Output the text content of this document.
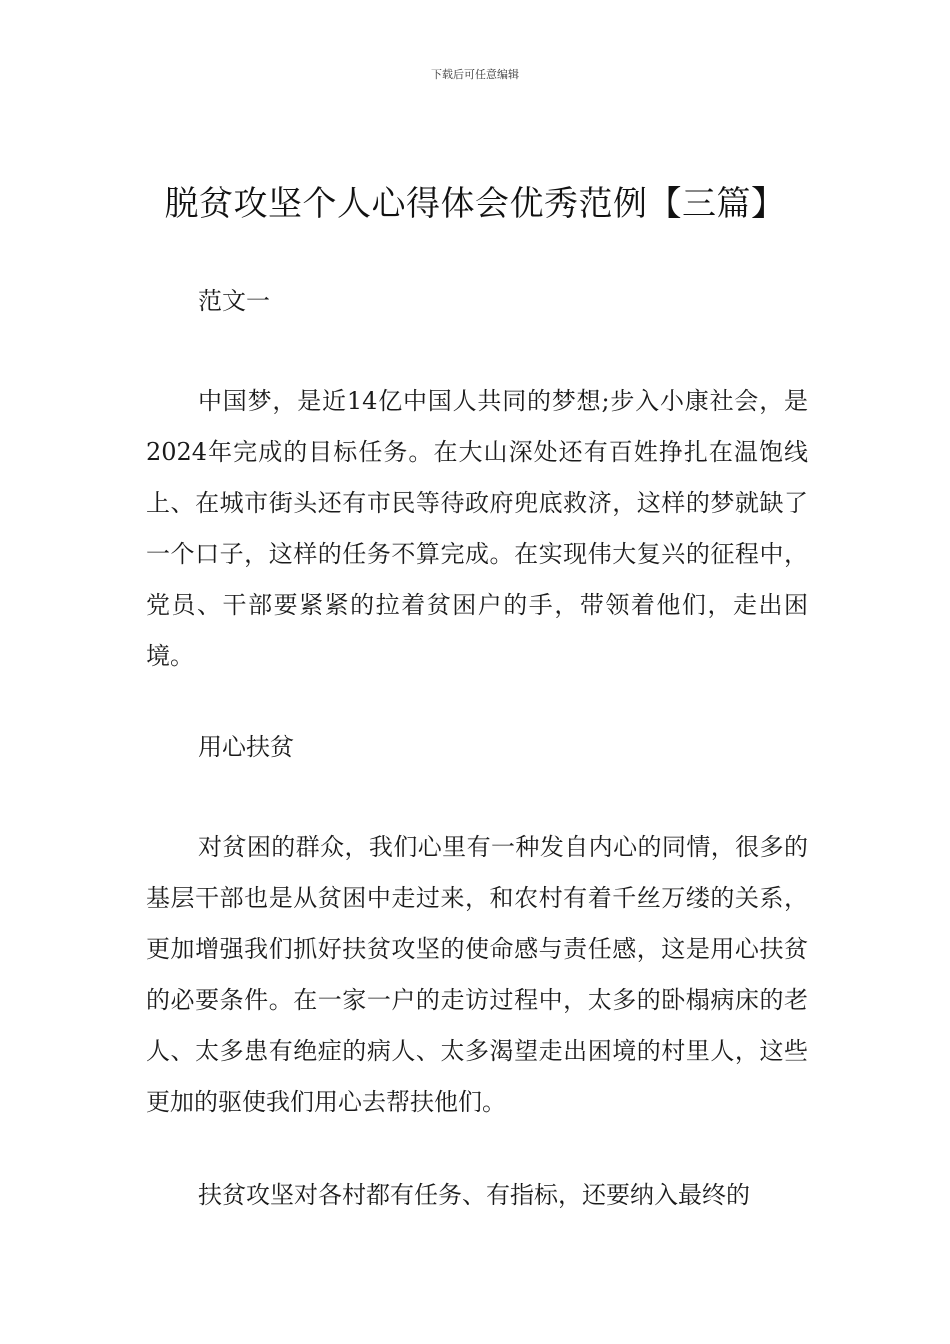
下载后可任意编辑
脱贫攻坚个人心得体会优秀范例【三篇】
范文一
中国梦，是近14亿中国人共同的梦想;步入小康社会，是2024年完成的目标任务。在大山深处还有百姓挣扎在温饱线上、在城市街头还有市民等待政府兜底救济，这样的梦就缺了一个口子，这样的任务不算完成。在实现伟大复兴的征程中，党员、干部要紧紧的拉着贫困户的手，带领着他们，走出困境。
用心扶贫
对贫困的群众，我们心里有一种发自内心的同情，很多的基层干部也是从贫困中走过来，和农村有着千丝万缕的关系，更加增强我们抓好扶贫攻坚的使命感与责任感，这是用心扶贫的必要条件。在一家一户的走访过程中，太多的卧榻病床的老人、太多患有绝症的病人、太多渴望走出困境的村里人，这些更加的驱使我们用心去帮扶他们。
扶贫攻坚对各村都有任务、有指标，还要纳入最终的
